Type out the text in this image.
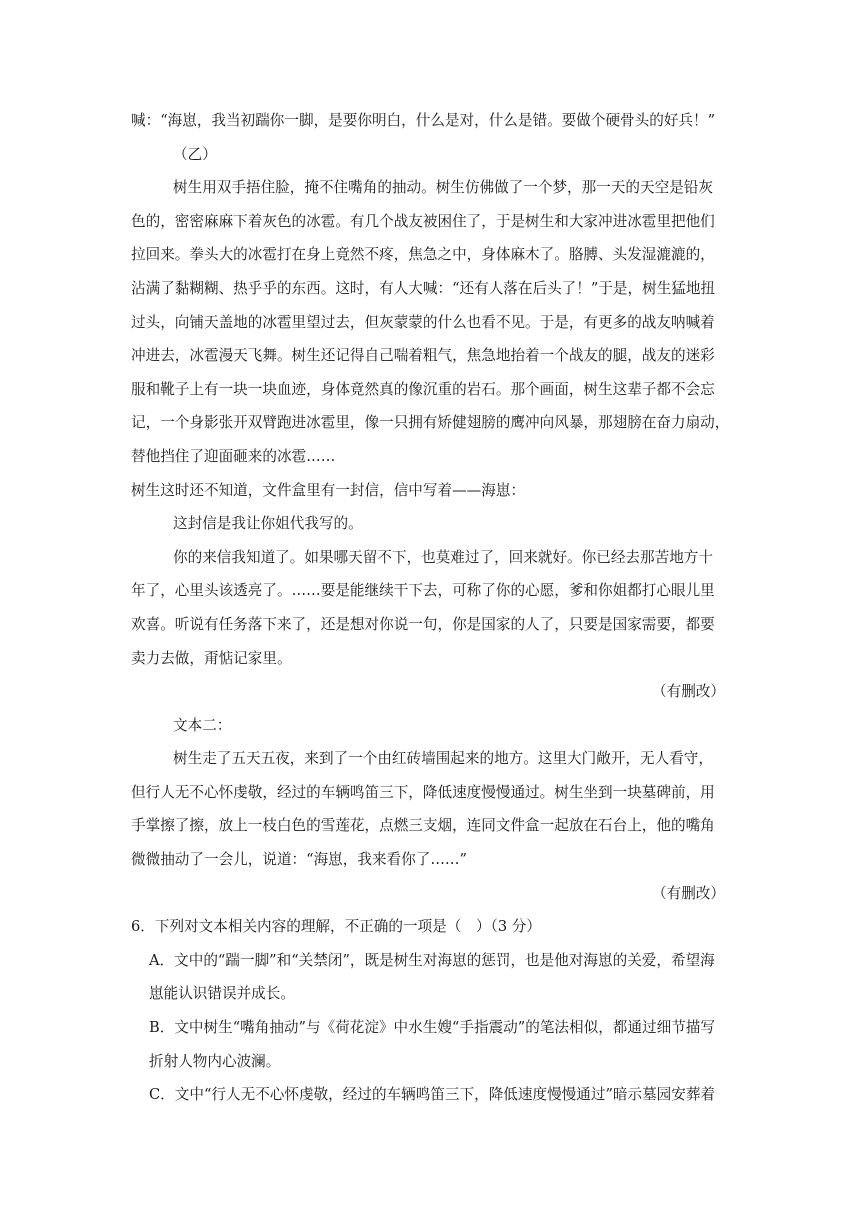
喊：“海崽，我当初踹你一脚，是要你明白，什么是对，什么是错。要做个硬骨头的好兵！”
（乙）
树生用双手捂住脸，掩不住嘴角的抽动。树生仿佛做了一个梦，那一天的天空是铅灰
色的，密密麻麻下着灰色的冰雹。有几个战友被困住了，于是树生和大家冲进冰雹里把他们
拉回来。拳头大的冰雹打在身上竟然不疼，焦急之中，身体麻木了。胳膊、头发湿漉漉的，
沾满了黏糊糊、热乎乎的东西。这时，有人大喊：“还有人落在后头了！”于是，树生猛地扭
过头，向铺天盖地的冰雹里望过去，但灰蒙蒙的什么也看不见。于是，有更多的战友呐喊着
冲进去，冰雹漫天飞舞。树生还记得自己喘着粗气，焦急地抬着一个战友的腿，战友的迷彩
服和靴子上有一块一块血迹，身体竟然真的像沉重的岩石。那个画面，树生这辈子都不会忘
记，一个身影张开双臂跑进冰雹里，像一只拥有矫健翅膀的鹰冲向风暴，那翅膀在奋力扇动，
替他挡住了迎面砸来的冰雹……
树生这时还不知道，文件盒里有一封信，信中写着——海崽：
这封信是我让你姐代我写的。
你的来信我知道了。如果哪天留不下，也莫难过了，回来就好。你已经去那苦地方十
年了，心里头该透亮了。……要是能继续干下去，可称了你的心愿，爹和你姐都打心眼儿里
欢喜。听说有任务落下来了，还是想对你说一句，你是国家的人了，只要是国家需要，都要
卖力去做，甭惦记家里。
（有删改）
文本二：
树生走了五天五夜，来到了一个由红砖墙围起来的地方。这里大门敞开，无人看守，
但行人无不心怀虔敬，经过的车辆鸣笛三下，降低速度慢慢通过。树生坐到一块墓碑前，用
手掌擦了擦，放上一枝白色的雪莲花，点燃三支烟，连同文件盒一起放在石台上，他的嘴角
微微抽动了一会儿，说道：“海崽，我来看你了……”
（有删改）
6．下列对文本相关内容的理解，不正确的一项是（　）（3 分）
A．文中的“踹一脚”和“关禁闭”，既是树生对海崽的惩罚，也是他对海崽的关爱，希望海
崽能认识错误并成长。
B．文中树生“嘴角抽动”与《荷花淀》中水生嫂“手指震动”的笔法相似，都通过细节描写
折射人物内心波澜。
C．文中“行人无不心怀虔敬，经过的车辆鸣笛三下，降低速度慢慢通过”暗示墓园安葬着
